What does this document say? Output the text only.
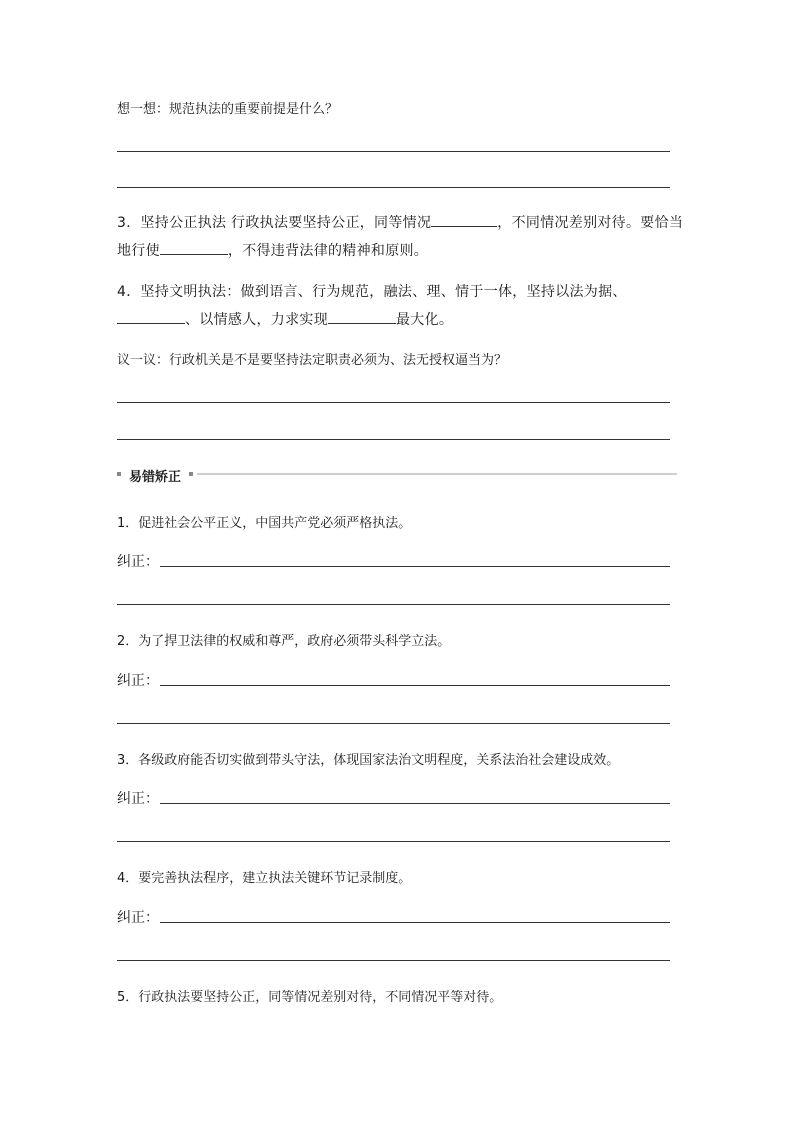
想一想：规范执法的重要前提是什么？
3．坚持公正执法 行政执法要坚持公正，同等情况	，不同情况差别对待。要恰当
地行使	，不得违背法律的精神和原则。
4．坚持文明执法：做到语言、行为规范，融法、理、情于一体，坚持以法为据、
、以情感人，力求实现	最大化。
议一议：行政机关是不是要坚持法定职责必须为、法无授权逼当为？
易错矫正
1．促进社会公平正义，中国共产党必须严格执法。
纠正：
2．为了捍卫法律的权威和尊严，政府必须带头科学立法。
纠正：
3．各级政府能否切实做到带头守法，体现国家法治文明程度，关系法治社会建设成效。
纠正：
4．要完善执法程序，建立执法关键环节记录制度。
纠正：
5．行政执法要坚持公正，同等情况差别对待，不同情况平等对待。
